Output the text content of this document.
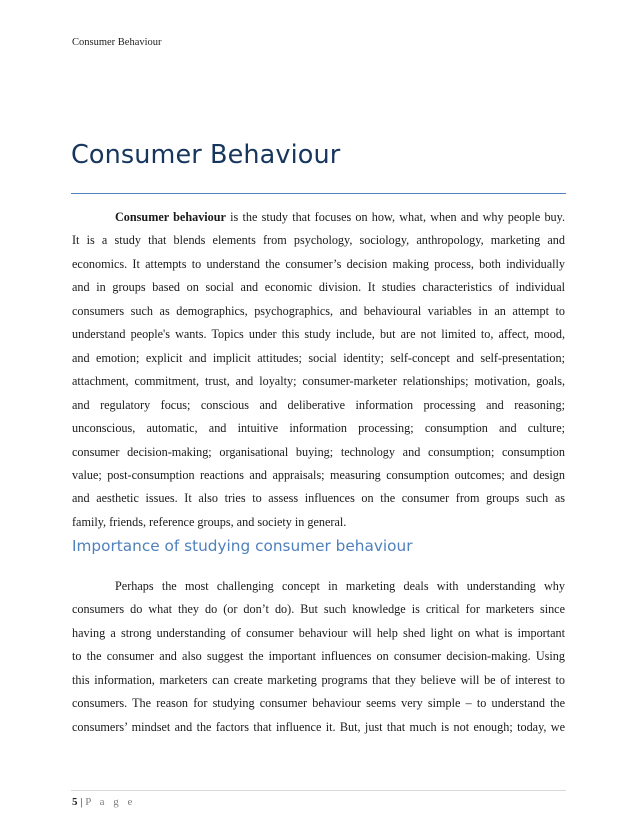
Consumer Behaviour
Consumer Behaviour
Consumer behaviour is the study that focuses on how, what, when and why people buy.
It is a study that blends elements from psychology, sociology, anthropology, marketing and
economics. It attempts to understand the consumer’s decision making process, both individually
and in groups based on social and economic division. It studies characteristics of individual
consumers such as demographics, psychographics, and behavioural variables in an attempt to
understand people's wants. Topics under this study include, but are not limited to, affect, mood,
and emotion; explicit and implicit attitudes; social identity; self-concept and self-presentation;
attachment, commitment, trust, and loyalty; consumer-marketer relationships; motivation, goals,
and regulatory focus; conscious and deliberative information processing and reasoning;
unconscious, automatic, and intuitive information processing; consumption and culture;
consumer decision-making; organisational buying; technology and consumption; consumption
value; post-consumption reactions and appraisals; measuring consumption outcomes; and design
and aesthetic issues. It also tries to assess influences on the consumer from groups such as
family, friends, reference groups, and society in general.
Importance of studying consumer behaviour
Perhaps the most challenging concept in marketing deals with understanding why
consumers do what they do (or don’t do). But such knowledge is critical for marketers since
having a strong understanding of consumer behaviour will help shed light on what is important
to the consumer and also suggest the important influences on consumer decision-making. Using
this information, marketers can create marketing programs that they believe will be of interest to
consumers. The reason for studying consumer behaviour seems very simple – to understand the
consumers’ mindset and the factors that influence it. But, just that much is not enough; today, we
5 | P a g e
